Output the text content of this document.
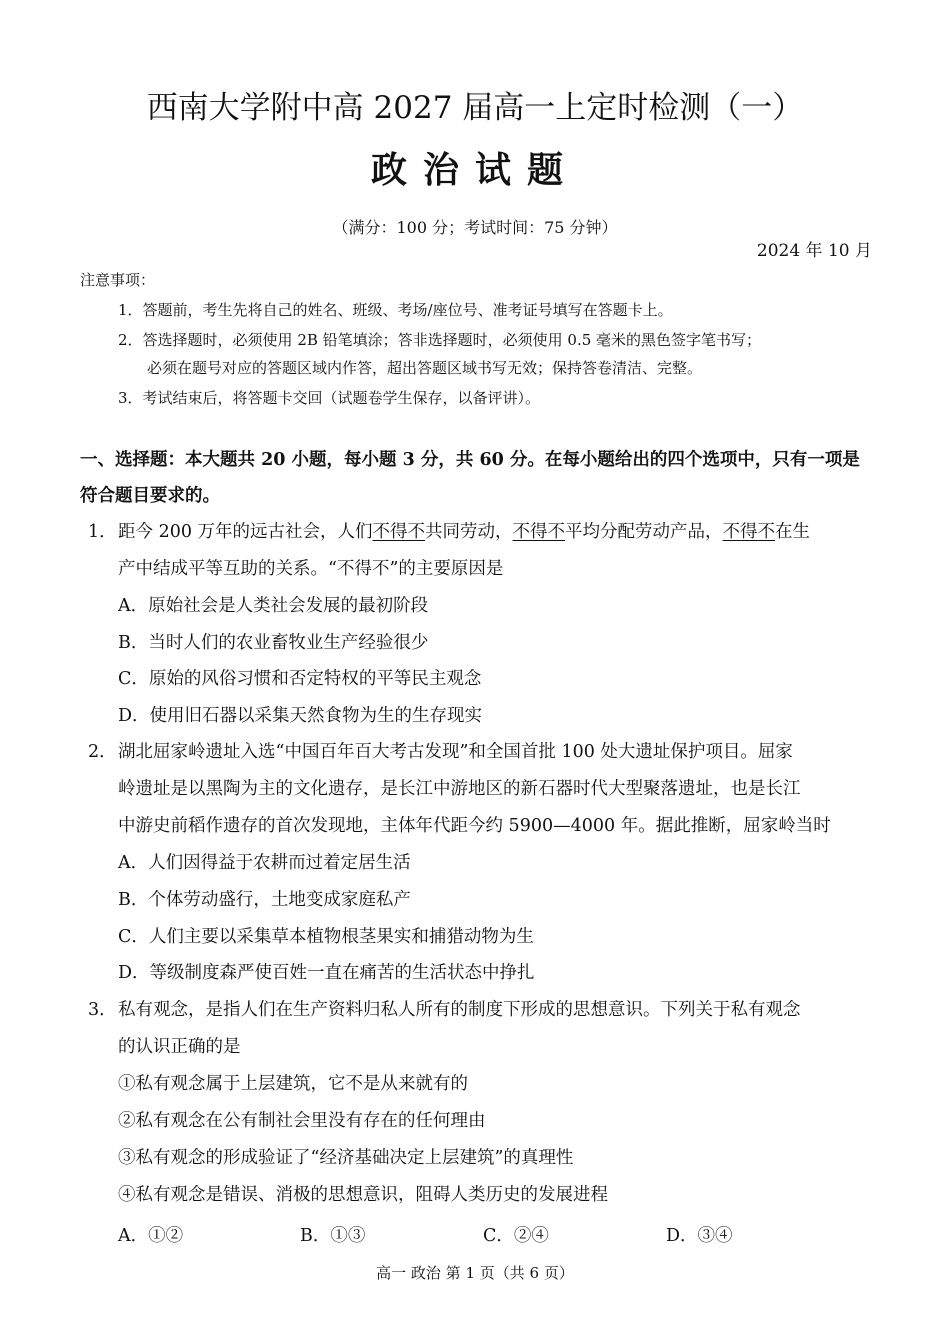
西南大学附中高 2027 届高一上定时检测（一）
政治试题
（满分：100 分；考试时间：75 分钟）
2024 年 10 月
注意事项：
1．答题前，考生先将自己的姓名、班级、考场/座位号、准考证号填写在答题卡上。
2．答选择题时，必须使用 2B 铅笔填涂；答非选择题时，必须使用 0.5 毫米的黑色签字笔书写；
必须在题号对应的答题区域内作答，超出答题区域书写无效；保持答卷清洁、完整。
3．考试结束后，将答题卡交回（试题卷学生保存，以备评讲）。
一、选择题：本大题共 20 小题，每小题 3 分，共 60 分。在每小题给出的四个选项中，只有一项是符合题目要求的。
1． 距今 200 万年的远古社会，人们不得不共同劳动，不得不平均分配劳动产品，不得不在生
产中结成平等互助的关系。“不得不”的主要原因是
A．原始社会是人类社会发展的最初阶段
B．当时人们的农业畜牧业生产经验很少
C．原始的风俗习惯和否定特权的平等民主观念
D．使用旧石器以采集天然食物为生的生存现实
2． 湖北屈家岭遗址入选“中国百年百大考古发现”和全国首批 100 处大遗址保护项目。屈家
岭遗址是以黑陶为主的文化遗存，是长江中游地区的新石器时代大型聚落遗址，也是长江
中游史前稻作遗存的首次发现地，主体年代距今约 5900—4000 年。据此推断，屈家岭当时
A．人们因得益于农耕而过着定居生活
B．个体劳动盛行，土地变成家庭私产
C．人们主要以采集草本植物根茎果实和捕猎动物为生
D．等级制度森严使百姓一直在痛苦的生活状态中挣扎
3． 私有观念，是指人们在生产资料归私人所有的制度下形成的思想意识。下列关于私有观念
的认识正确的是
①私有观念属于上层建筑，它不是从来就有的
②私有观念在公有制社会里没有存在的任何理由
③私有观念的形成验证了“经济基础决定上层建筑”的真理性
④私有观念是错误、消极的思想意识，阻碍人类历史的发展进程
A．①②	B．①③	C．②④	D．③④
高一 政治 第 1 页（共 6 页）
